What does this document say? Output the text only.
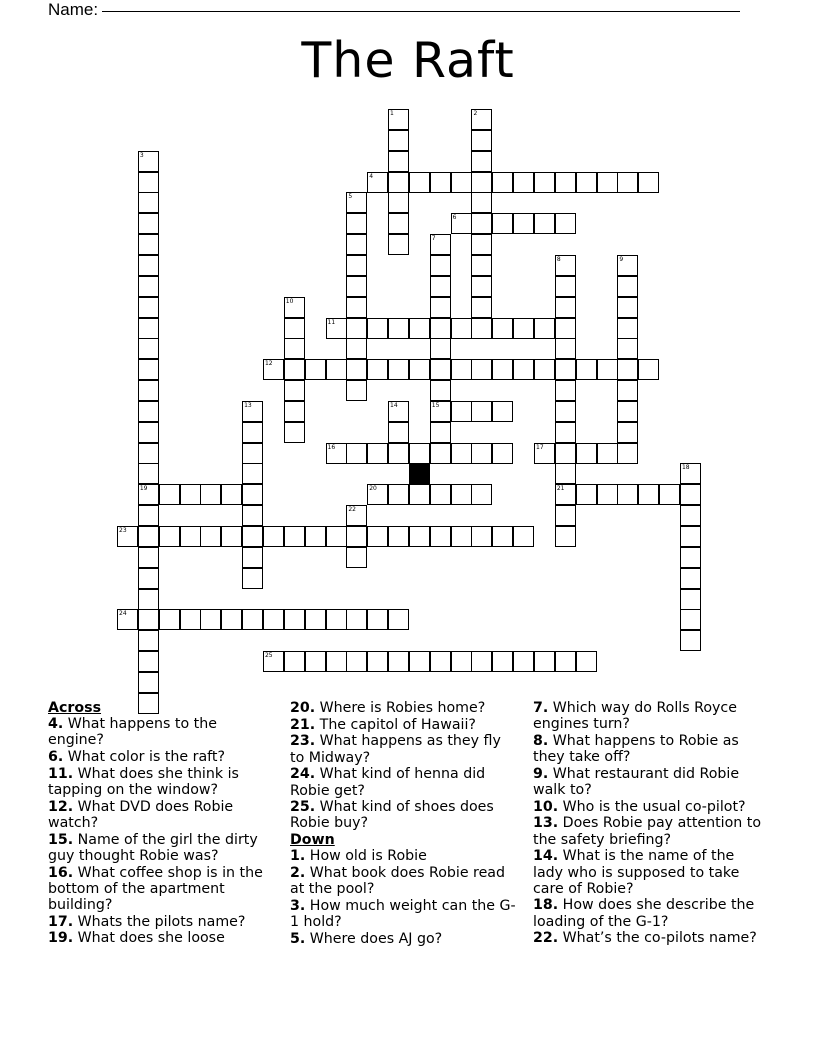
Name:
The Raft
1	2
3
19
4
5
6
7
15
8
21
9
10
11
12
13	14
16	17
18
20
22
23
24
25
Across
4. What happens to the engine?
6. What color is the raft?
11. What does she think is tapping on the window?
12. What DVD does Robie watch?
15. Name of the girl the dirty guy thought Robie was?
16. What coffee shop is in the bottom of the apartment building?
17. Whats the pilots name?
19. What does she loose
20. Where is Robies home?
21. The capitol of Hawaii?
23. What happens as they fly to Midway?
24. What kind of henna did Robie get?
25. What kind of shoes does Robie buy?
Down
1. How old is Robie
2. What book does Robie read at the pool?
3. How much weight can the G-1 hold?
5. Where does AJ go?
7. Which way do Rolls Royce engines turn?
8. What happens to Robie as they take off?
9. What restaurant did Robie walk to?
10. Who is the usual co-pilot?
13. Does Robie pay attention to the safety briefing?
14. What is the name of the lady who is supposed to take care of Robie?
18. How does she describe the loading of the G-1?
22. What’s the co-pilots name?
